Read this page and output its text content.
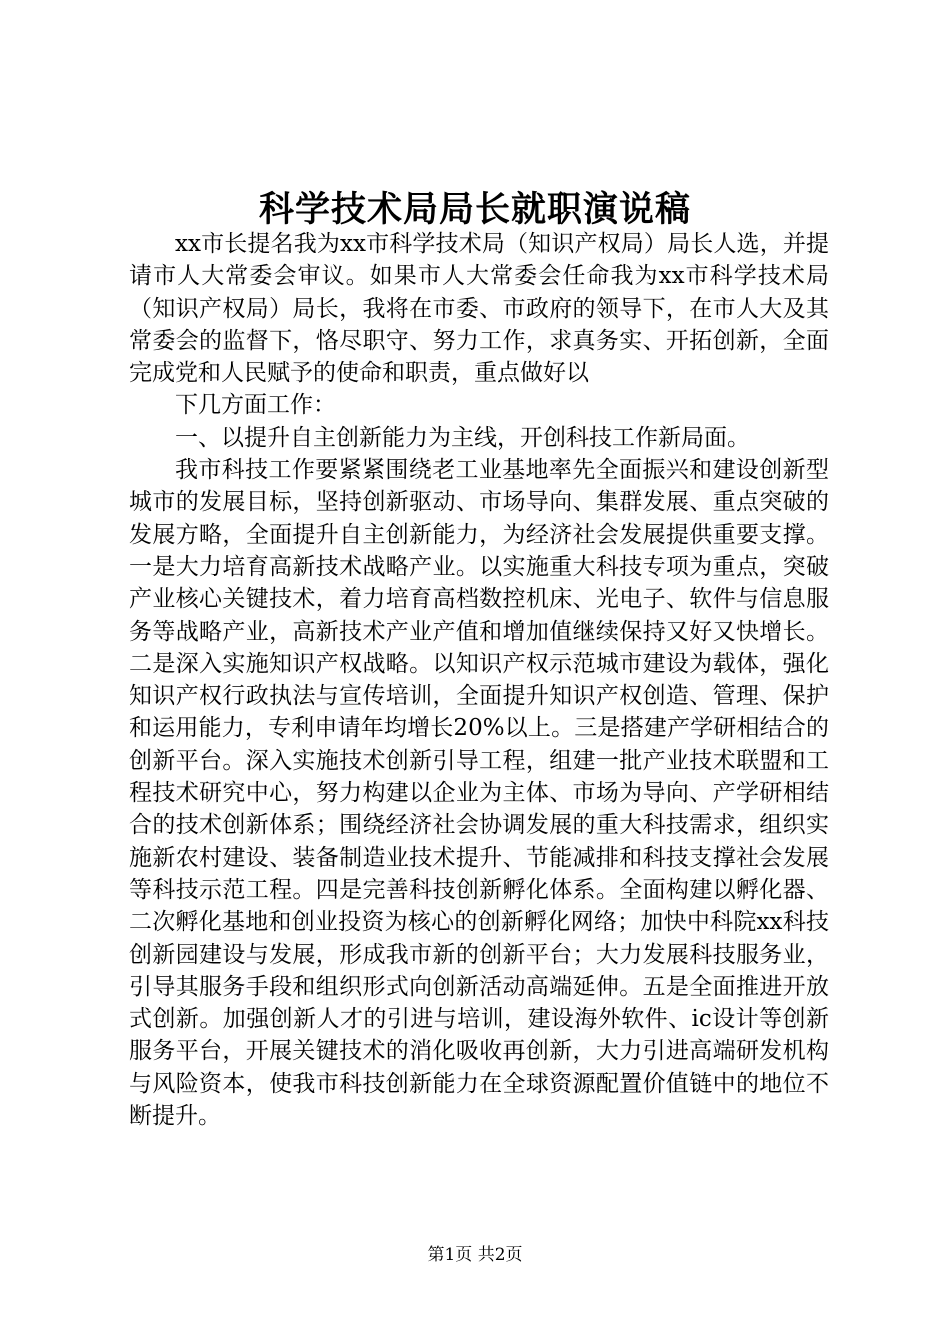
科学技术局局长就职演说稿

xx市长提名我为xx市科学技术局（知识产权局）局长人选，并提请市人大常委会审议。如果市人大常委会任命我为xx市科学技术局（知识产权局）局长，我将在市委、市政府的领导下，在市人大及其常委会的监督下，恪尽职守、努力工作，求真务实、开拓创新，全面完成党和人民赋予的使命和职责，重点做好以

下几方面工作：

一、以提升自主创新能力为主线，开创科技工作新局面。

我市科技工作要紧紧围绕老工业基地率先全面振兴和建设创新型城市的发展目标，坚持创新驱动、市场导向、集群发展、重点突破的发展方略，全面提升自主创新能力，为经济社会发展提供重要支撑。一是大力培育高新技术战略产业。以实施重大科技专项为重点，突破产业核心关键技术，着力培育高档数控机床、光电子、软件与信息服务等战略产业，高新技术产业产值和增加值继续保持又好又快增长。二是深入实施知识产权战略。以知识产权示范城市建设为载体，强化知识产权行政执法与宣传培训，全面提升知识产权创造、管理、保护和运用能力，专利申请年均增长20%以上。三是搭建产学研相结合的创新平台。深入实施技术创新引导工程，组建一批产业技术联盟和工程技术研究中心，努力构建以企业为主体、市场为导向、产学研相结合的技术创新体系；围绕经济社会协调发展的重大科技需求，组织实施新农村建设、装备制造业技术提升、节能减排和科技支撑社会发展等科技示范工程。四是完善科技创新孵化体系。全面构建以孵化器、二次孵化基地和创业投资为核心的创新孵化网络；加快中科院xx科技创新园建设与发展，形成我市新的创新平台；大力发展科技服务业，引导其服务手段和组织形式向创新活动高端延伸。五是全面推进开放式创新。加强创新人才的引进与培训，建设海外软件、ic设计等创新服务平台，开展关键技术的消化吸收再创新，大力引进高端研发机构与风险资本，使我市科技创新能力在全球资源配置价值链中的地位不断提升。

第1页 共2页
